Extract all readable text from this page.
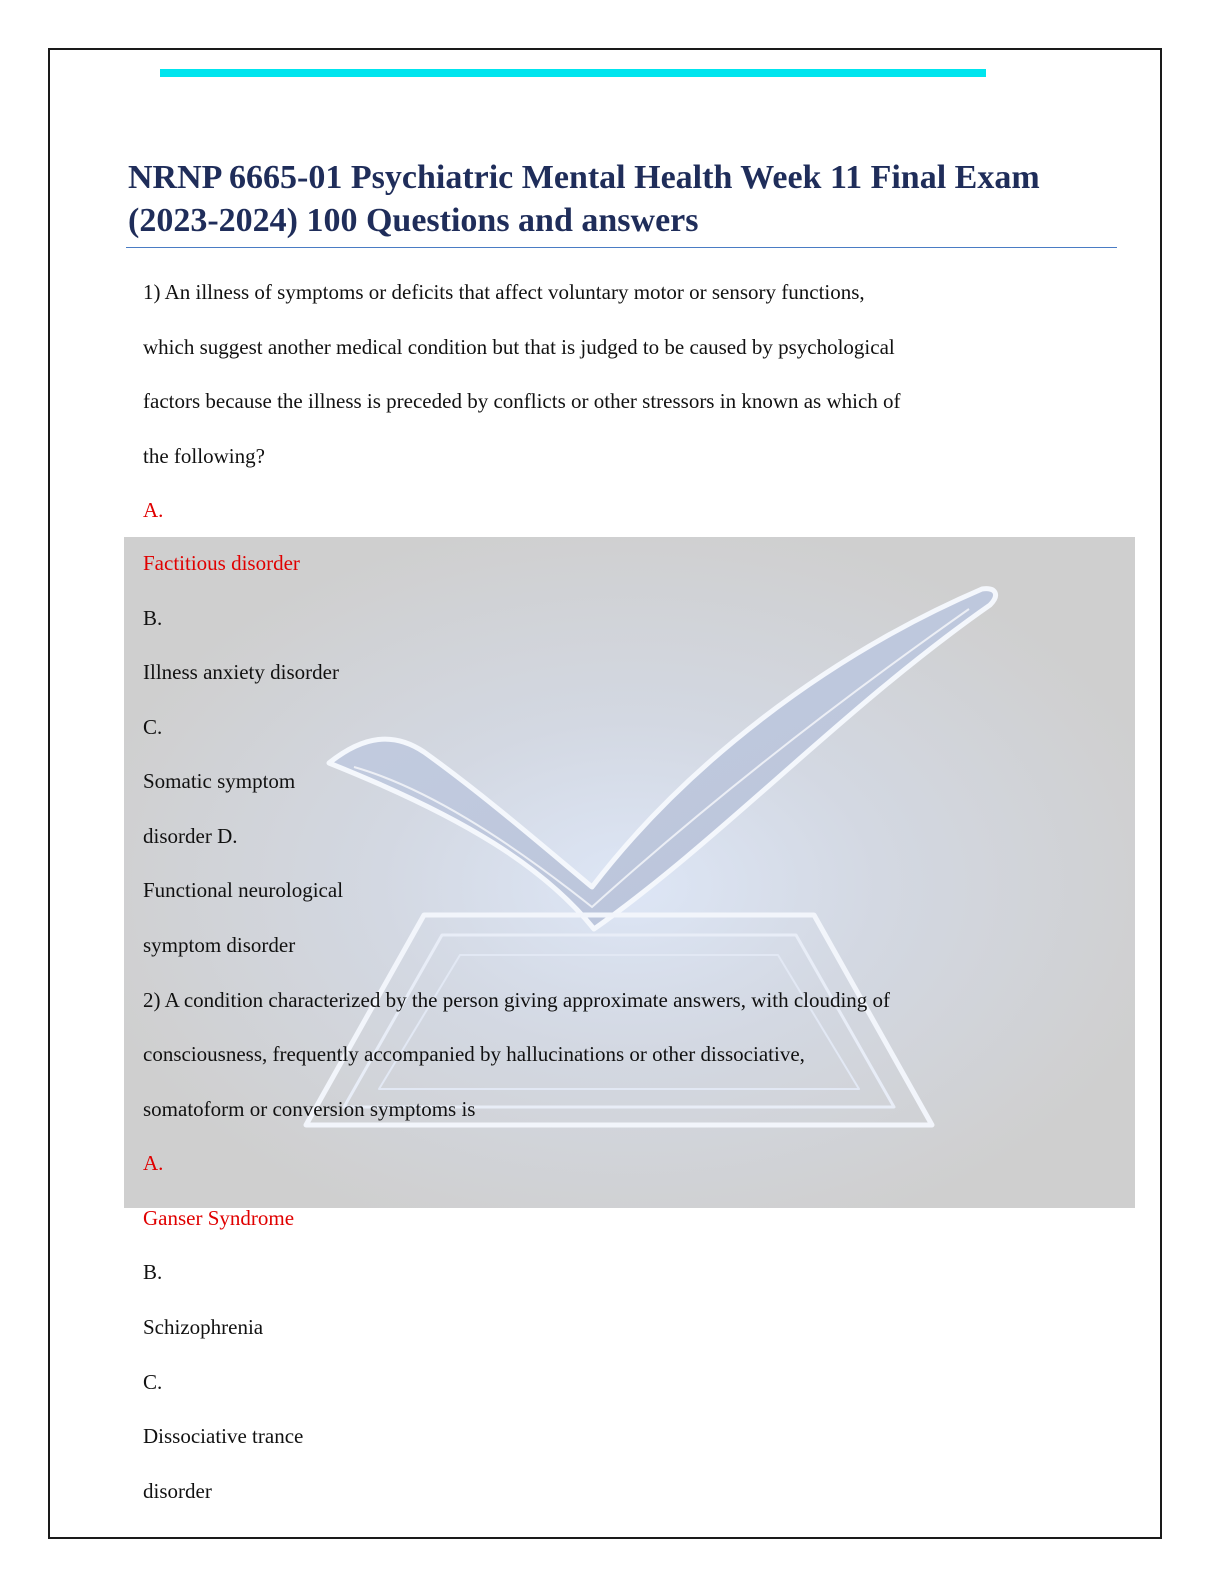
NRNP 6665-01 Psychiatric Mental Health Week 11 Final Exam
(2023-2024) 100 Questions and answers

1) An illness of symptoms or deficits that affect voluntary motor or sensory functions,

which suggest another medical condition but that is judged to be caused by psychological

factors because the illness is preceded by conflicts or other stressors in known as which of

the following?

A.

Factitious disorder

B.

Illness anxiety disorder

C.

Somatic symptom

disorder D.

Functional neurological

symptom disorder

2) A condition characterized by the person giving approximate answers, with clouding of

consciousness, frequently accompanied by hallucinations or other dissociative,

somatoform or conversion symptoms is

A.

Ganser Syndrome

B.

Schizophrenia

C.

Dissociative trance

disorder
